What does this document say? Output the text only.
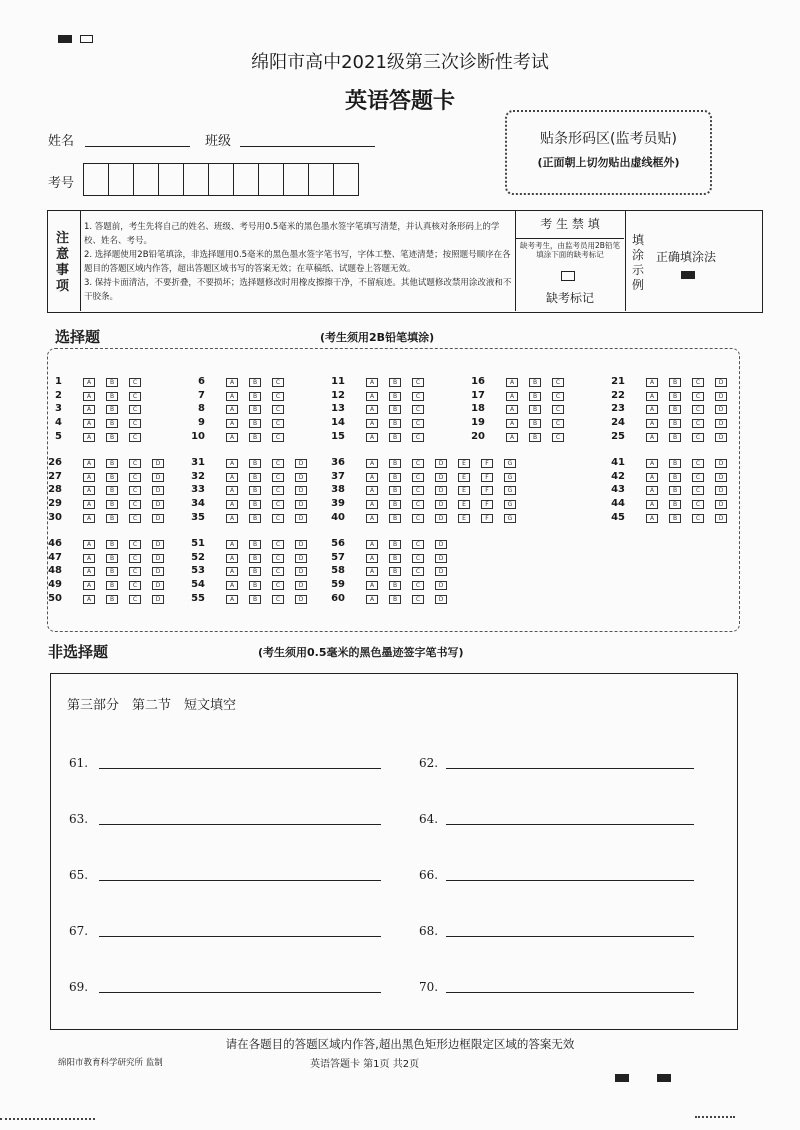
绵阳市高中2021级第三次诊断性考试
英语答题卡
姓名	班级
考号
贴条形码区(监考员贴)
(正面朝上切勿贴出虚线框外)
注意事项
1. 答题前，考生先将自己的姓名、班级、考号用0.5毫米的黑色墨水签字笔填写清楚，并认真核对条形码上的学校、姓名、考号。
2. 选择题使用2B铅笔填涂，非选择题用0.5毫米的黑色墨水签字笔书写，字体工整、笔迹清楚；按照题号顺序在各题目的答题区域内作答，超出答题区域书写的答案无效；在草稿纸、试题卷上答题无效。
3. 保持卡面清洁，不要折叠，不要损坏；选择题修改时用橡皮擦擦干净，不留痕迹。其他试题修改禁用涂改液和不干胶条。
考 生 禁 填
缺考考生，由监考员用2B铅笔填涂下面的缺考标记
缺考标记
填涂示例
正确填涂法
选择题	(考生须用2B铅笔填涂)
非选择题	(考生须用0.5毫米的黑色墨迹签字笔书写)
第三部分　第二节　短文填空
61.	62.
63.	64.
65.	66.
67.	68.
69.	70.
请在各题目的答题区域内作答,超出黑色矩形边框限定区域的答案无效
绵阳市教育科学研究所 监制	英语答题卡 第1页 共2页
1	A	B	C
2	A	B	C
3	A	B	C
4	A	B	C
5	A	B	C
6	A	B	C
7	A	B	C
8	A	B	C
9	A	B	C
10	A	B	C
11	A	B	C
12	A	B	C
13	A	B	C
14	A	B	C
15	A	B	C
16	A	B	C
17	A	B	C
18	A	B	C
19	A	B	C
20	A	B	C
21	A	B	C	D
22	A	B	C	D
23	A	B	C	D
24	A	B	C	D
25	A	B	C	D
26	A	B	C	D
27	A	B	C	D
28	A	B	C	D
29	A	B	C	D
30	A	B	C	D
31	A	B	C	D
32	A	B	C	D
33	A	B	C	D
34	A	B	C	D
35	A	B	C	D
36	A	B	C	D	E	F	G
37	A	B	C	D	E	F	G
38	A	B	C	D	E	F	G
39	A	B	C	D	E	F	G
40	A	B	C	D	E	F	G
41	A	B	C	D
42	A	B	C	D
43	A	B	C	D
44	A	B	C	D
45	A	B	C	D
46	A	B	C	D
47	A	B	C	D
48	A	B	C	D
49	A	B	C	D
50	A	B	C	D
51	A	B	C	D
52	A	B	C	D
53	A	B	C	D
54	A	B	C	D
55	A	B	C	D
56	A	B	C	D
57	A	B	C	D
58	A	B	C	D
59	A	B	C	D
60	A	B	C	D
